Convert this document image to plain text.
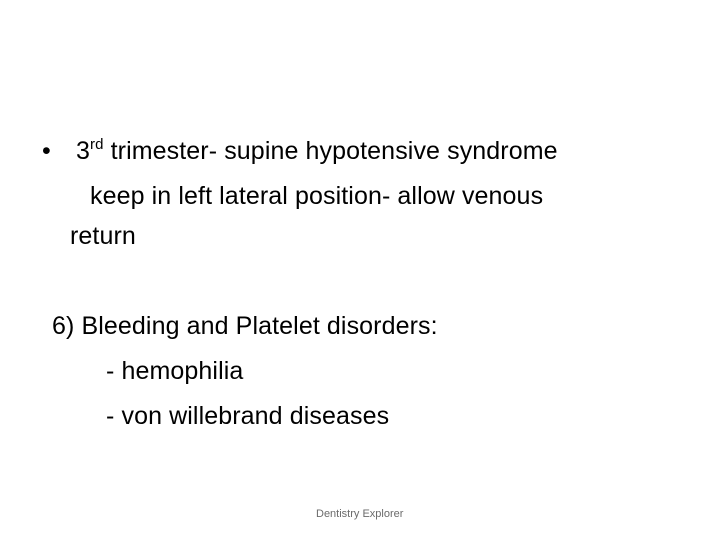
• 3rd trimester- supine hypotensive syndrome
keep in left lateral position- allow venous
return
6) Bleeding and Platelet disorders:
- hemophilia
- von willebrand diseases
Dentistry Explorer
